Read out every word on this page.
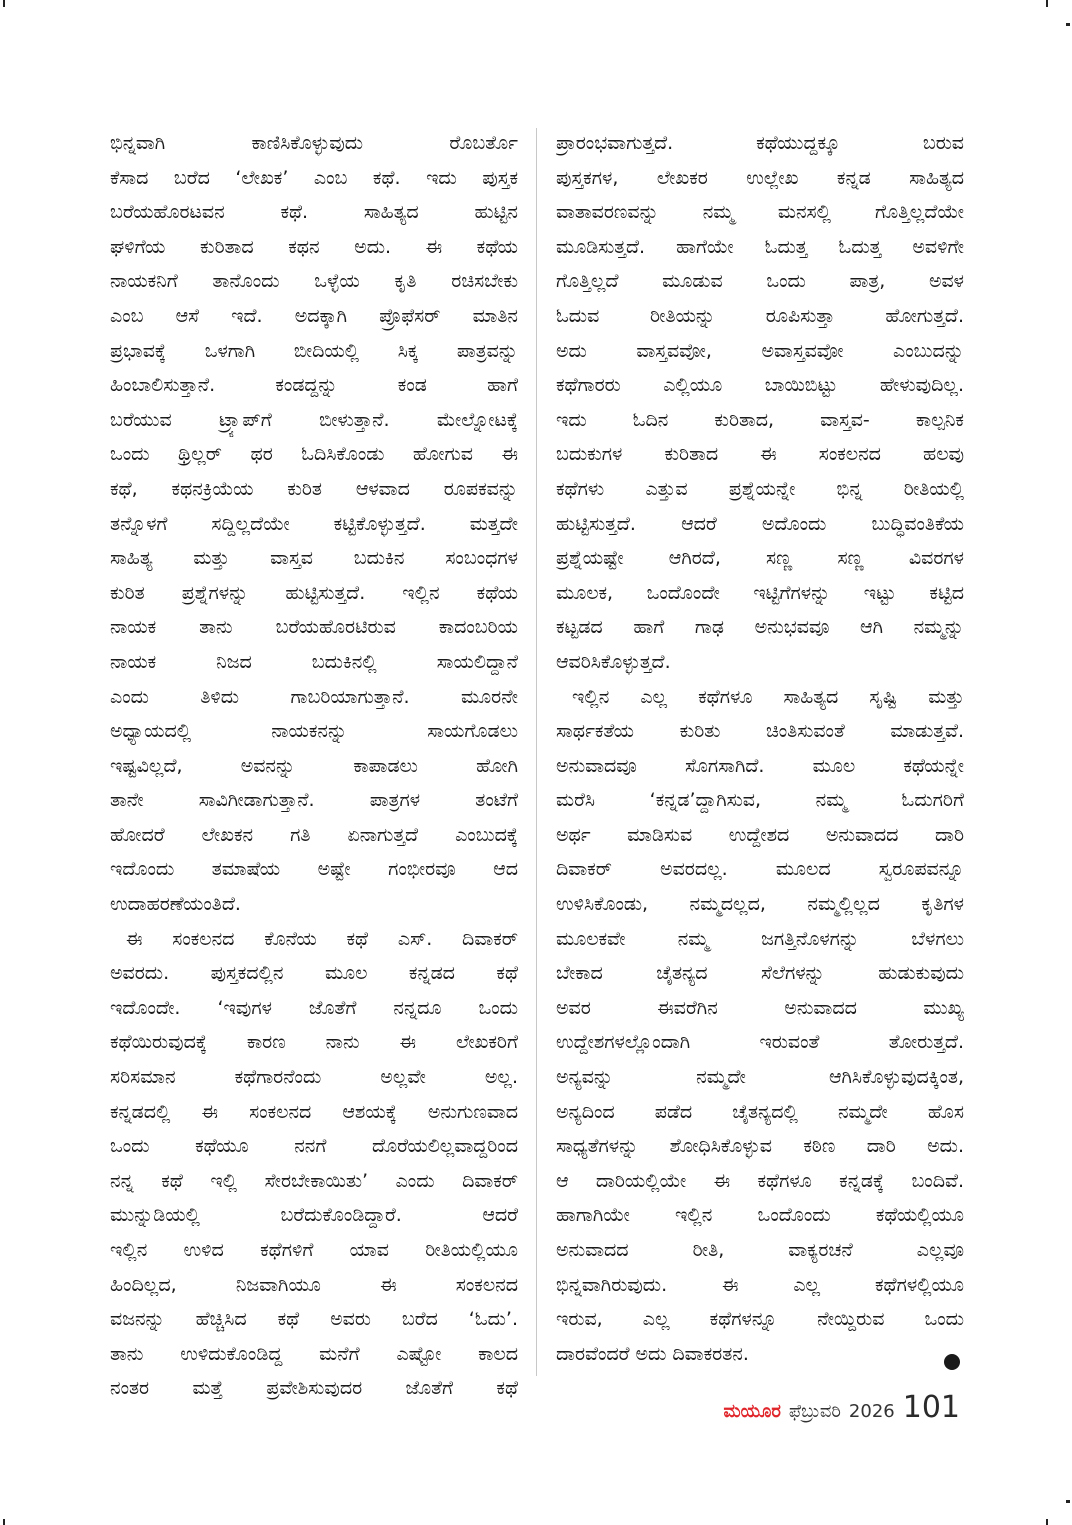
ಭಿನ್ನವಾಗಿ ಕಾಣಿಸಿಕೊಳ್ಳುವುದು ರೊಬರ್ತೊ
ಕೆಸಾದ ಬರೆದ ‘ಲೇಖಕ’ ಎಂಬ ಕಥೆ. ಇದು ಪುಸ್ತಕ
ಬರೆಯಹೊರಟವನ ಕಥೆ. ಸಾಹಿತ್ಯದ ಹುಟ್ಟಿನ
ಘಳಿಗೆಯ ಕುರಿತಾದ ಕಥನ ಅದು. ಈ ಕಥೆಯ
ನಾಯಕನಿಗೆ ತಾನೊಂದು ಒಳ್ಳೆಯ ಕೃತಿ ರಚಿಸಬೇಕು
ಎಂಬ ಆಸೆ ಇದೆ. ಅದಕ್ಕಾಗಿ ಪ್ರೊಫೆಸರ್ ಮಾತಿನ
ಪ್ರಭಾವಕ್ಕೆ ಒಳಗಾಗಿ ಬೀದಿಯಲ್ಲಿ ಸಿಕ್ಕ ಪಾತ್ರವನ್ನು
ಹಿಂಬಾಲಿಸುತ್ತಾನೆ. ಕಂಡದ್ದನ್ನು ಕಂಡ ಹಾಗೆ
ಬರೆಯುವ ಟ್ರ್ಯಾಪ್‌ಗೆ ಬೀಳುತ್ತಾನೆ. ಮೇಲ್ನೋಟಕ್ಕೆ
ಒಂದು ಥ್ರಿಲ್ಲರ್ ಥರ ಓದಿಸಿಕೊಂಡು ಹೋಗುವ ಈ
ಕಥೆ, ಕಥನಕ್ರಿಯೆಯ ಕುರಿತ ಆಳವಾದ ರೂಪಕವನ್ನು
ತನ್ನೊಳಗೆ ಸದ್ದಿಲ್ಲದೆಯೇ ಕಟ್ಟಿಕೊಳ್ಳುತ್ತದೆ. ಮತ್ತದೇ
ಸಾಹಿತ್ಯ ಮತ್ತು ವಾಸ್ತವ ಬದುಕಿನ ಸಂಬಂಧಗಳ
ಕುರಿತ ಪ್ರಶ್ನೆಗಳನ್ನು ಹುಟ್ಟಿಸುತ್ತದೆ. ಇಲ್ಲಿನ ಕಥೆಯ
ನಾಯಕ ತಾನು ಬರೆಯಹೊರಟಿರುವ ಕಾದಂಬರಿಯ
ನಾಯಕ ನಿಜದ ಬದುಕಿನಲ್ಲಿ ಸಾಯಲಿದ್ದಾನೆ
ಎಂದು ತಿಳಿದು ಗಾಬರಿಯಾಗುತ್ತಾನೆ. ಮೂರನೇ
ಅಧ್ಯಾಯದಲ್ಲಿ ನಾಯಕನನ್ನು ಸಾಯಗೊಡಲು
ಇಷ್ಟವಿಲ್ಲದೆ, ಅವನನ್ನು ಕಾಪಾಡಲು ಹೋಗಿ
ತಾನೇ ಸಾವಿಗೀಡಾಗುತ್ತಾನೆ. ಪಾತ್ರಗಳ ತಂಟೆಗೆ
ಹೋದರೆ ಲೇಖಕನ ಗತಿ ಏನಾಗುತ್ತದೆ ಎಂಬುದಕ್ಕೆ
ಇದೊಂದು ತಮಾಷೆಯ ಅಷ್ಟೇ ಗಂಭೀರವೂ ಆದ
ಉದಾಹರಣೆಯಂತಿದೆ.
ಈ ಸಂಕಲನದ ಕೊನೆಯ ಕಥೆ ಎಸ್. ದಿವಾಕರ್
ಅವರದು. ಪುಸ್ತಕದಲ್ಲಿನ ಮೂಲ ಕನ್ನಡದ ಕಥೆ
ಇದೊಂದೇ. ‘ಇವುಗಳ ಜೊತೆಗೆ ನನ್ನದೂ ಒಂದು
ಕಥೆಯಿರುವುದಕ್ಕೆ ಕಾರಣ ನಾನು ಈ ಲೇಖಕರಿಗೆ
ಸರಿಸಮಾನ ಕಥೆಗಾರನೆಂದು ಅಲ್ಲವೇ ಅಲ್ಲ.
ಕನ್ನಡದಲ್ಲಿ ಈ ಸಂಕಲನದ ಆಶಯಕ್ಕೆ ಅನುಗುಣವಾದ
ಒಂದು ಕಥೆಯೂ ನನಗೆ ದೊರೆಯಲಿಲ್ಲವಾದ್ದರಿಂದ
ನನ್ನ ಕಥೆ ಇಲ್ಲಿ ಸೇರಬೇಕಾಯಿತು’ ಎಂದು ದಿವಾಕರ್
ಮುನ್ನುಡಿಯಲ್ಲಿ ಬರೆದುಕೊಂಡಿದ್ದಾರೆ. ಆದರೆ
ಇಲ್ಲಿನ ಉಳಿದ ಕಥೆಗಳಿಗೆ ಯಾವ ರೀತಿಯಲ್ಲಿಯೂ
ಹಿಂದಿಲ್ಲದ, ನಿಜವಾಗಿಯೂ ಈ ಸಂಕಲನದ
ವಜನನ್ನು ಹೆಚ್ಚಿಸಿದ ಕಥೆ ಅವರು ಬರೆದ ‘ಓದು’.
ತಾನು ಉಳಿದುಕೊಂಡಿದ್ದ ಮನೆಗೆ ಎಷ್ಟೋ ಕಾಲದ
ನಂತರ ಮತ್ತೆ ಪ್ರವೇಶಿಸುವುದರ ಜೊತೆಗೆ ಕಥೆ
ಪ್ರಾರಂಭವಾಗುತ್ತದೆ. ಕಥೆಯುದ್ದಕ್ಕೂ ಬರುವ
ಪುಸ್ತಕಗಳ, ಲೇಖಕರ ಉಲ್ಲೇಖ ಕನ್ನಡ ಸಾಹಿತ್ಯದ
ವಾತಾವರಣವನ್ನು ನಮ್ಮ ಮನಸಲ್ಲಿ ಗೊತ್ತಿಲ್ಲದೆಯೇ
ಮೂಡಿಸುತ್ತದೆ. ಹಾಗೆಯೇ ಓದುತ್ತ ಓದುತ್ತ ಅವಳಿಗೇ
ಗೊತ್ತಿಲ್ಲದೆ ಮೂಡುವ ಒಂದು ಪಾತ್ರ, ಅವಳ
ಓದುವ ರೀತಿಯನ್ನು ರೂಪಿಸುತ್ತಾ ಹೋಗುತ್ತದೆ.
ಅದು ವಾಸ್ತವವೋ, ಅವಾಸ್ತವವೋ ಎಂಬುದನ್ನು
ಕಥೆಗಾರರು ಎಲ್ಲಿಯೂ ಬಾಯಿಬಿಟ್ಟು ಹೇಳುವುದಿಲ್ಲ.
ಇದು ಓದಿನ ಕುರಿತಾದ, ವಾಸ್ತವ- ಕಾಲ್ಪನಿಕ
ಬದುಕುಗಳ ಕುರಿತಾದ ಈ ಸಂಕಲನದ ಹಲವು
ಕಥೆಗಳು ಎತ್ತುವ ಪ್ರಶ್ನೆಯನ್ನೇ ಭಿನ್ನ ರೀತಿಯಲ್ಲಿ
ಹುಟ್ಟಿಸುತ್ತದೆ. ಆದರೆ ಅದೊಂದು ಬುದ್ಧಿವಂತಿಕೆಯ
ಪ್ರಶ್ನೆಯಷ್ಟೇ ಆಗಿರದೆ, ಸಣ್ಣ ಸಣ್ಣ ವಿವರಗಳ
ಮೂಲಕ, ಒಂದೊಂದೇ ಇಟ್ಟಿಗೆಗಳನ್ನು ಇಟ್ಟು ಕಟ್ಟಿದ
ಕಟ್ಟಡದ ಹಾಗೆ ಗಾಢ ಅನುಭವವೂ ಆಗಿ ನಮ್ಮನ್ನು
ಆವರಿಸಿಕೊಳ್ಳುತ್ತದೆ.
ಇಲ್ಲಿನ ಎಲ್ಲ ಕಥೆಗಳೂ ಸಾಹಿತ್ಯದ ಸೃಷ್ಟಿ ಮತ್ತು
ಸಾರ್ಥಕತೆಯ ಕುರಿತು ಚಿಂತಿಸುವಂತೆ ಮಾಡುತ್ತವೆ.
ಅನುವಾದವೂ ಸೊಗಸಾಗಿದೆ. ಮೂಲ ಕಥೆಯನ್ನೇ
ಮರೆಸಿ ‘ಕನ್ನಡ’ದ್ದಾಗಿಸುವ, ನಮ್ಮ ಓದುಗರಿಗೆ
ಅರ್ಥ ಮಾಡಿಸುವ ಉದ್ದೇಶದ ಅನುವಾದದ ದಾರಿ
ದಿವಾಕರ್ ಅವರದಲ್ಲ. ಮೂಲದ ಸ್ವರೂಪವನ್ನೂ
ಉಳಿಸಿಕೊಂಡು, ನಮ್ಮದಲ್ಲದ, ನಮ್ಮಲ್ಲಿಲ್ಲದ ಕೃತಿಗಳ
ಮೂಲಕವೇ ನಮ್ಮ ಜಗತ್ತಿನೊಳಗನ್ನು ಬೆಳಗಲು
ಬೇಕಾದ ಚೈತನ್ಯದ ಸೆಲೆಗಳನ್ನು ಹುಡುಕುವುದು
ಅವರ ಈವರೆಗಿನ ಅನುವಾದದ ಮುಖ್ಯ
ಉದ್ದೇಶಗಳಲ್ಲೊಂದಾಗಿ ಇರುವಂತೆ ತೋರುತ್ತದೆ.
ಅನ್ಯವನ್ನು ನಮ್ಮದೇ ಆಗಿಸಿಕೊಳ್ಳುವುದಕ್ಕಿಂತ,
ಅನ್ಯದಿಂದ ಪಡೆದ ಚೈತನ್ಯದಲ್ಲಿ ನಮ್ಮದೇ ಹೊಸ
ಸಾಧ್ಯತೆಗಳನ್ನು ಶೋಧಿಸಿಕೊಳ್ಳುವ ಕಠಿಣ ದಾರಿ ಅದು.
ಆ ದಾರಿಯಲ್ಲಿಯೇ ಈ ಕಥೆಗಳೂ ಕನ್ನಡಕ್ಕೆ ಬಂದಿವೆ.
ಹಾಗಾಗಿಯೇ ಇಲ್ಲಿನ ಒಂದೊಂದು ಕಥೆಯಲ್ಲಿಯೂ
ಅನುವಾದದ ರೀತಿ, ವಾಕ್ಯರಚನೆ ಎಲ್ಲವೂ
ಭಿನ್ನವಾಗಿರುವುದು. ಈ ಎಲ್ಲ ಕಥೆಗಳಲ್ಲಿಯೂ
ಇರುವ, ಎಲ್ಲ ಕಥೆಗಳನ್ನೂ ನೇಯ್ದಿರುವ ಒಂದು
ದಾರವೆಂದರೆ ಅದು ದಿವಾಕರತನ.
ಮಯೂರ ಫೆಬ್ರುವರಿ 2026 101
